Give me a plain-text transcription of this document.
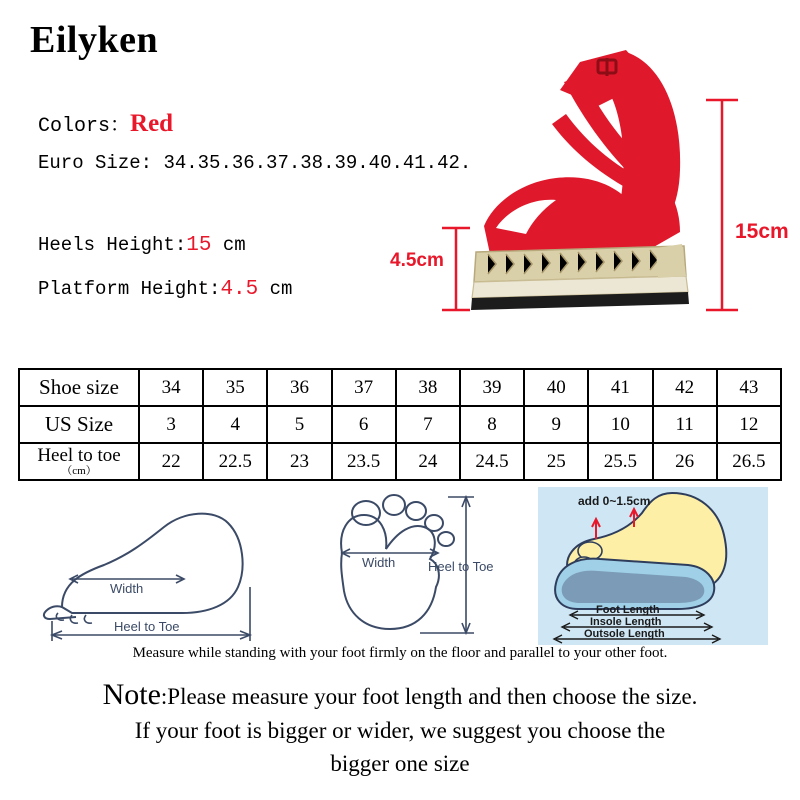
Eilyken
Colors：Red
Euro Size: 34.35.36.37.38.39.40.41.42.
Heels Height:15 cm
Platform Height:4.5 cm
15cm
4.5cm
Shoe size	34	35	36	37	38	39	40	41	42	43
US Size	3	4	5	6	7	8	9	10	11	12
Heel to toe
（cm）	22	22.5	23	23.5	24	24.5	25	25.5	26	26.5
Width
Heel to Toe
Width	Heel to Toe
add 0~1.5cm
Foot Length
Insole Length
Outsole Length
Measure while standing with your foot firmly on the floor and parallel to your other foot.
Note:Please measure your foot length and then choose the size.
If your foot is bigger or wider, we suggest you choose the
bigger one size
